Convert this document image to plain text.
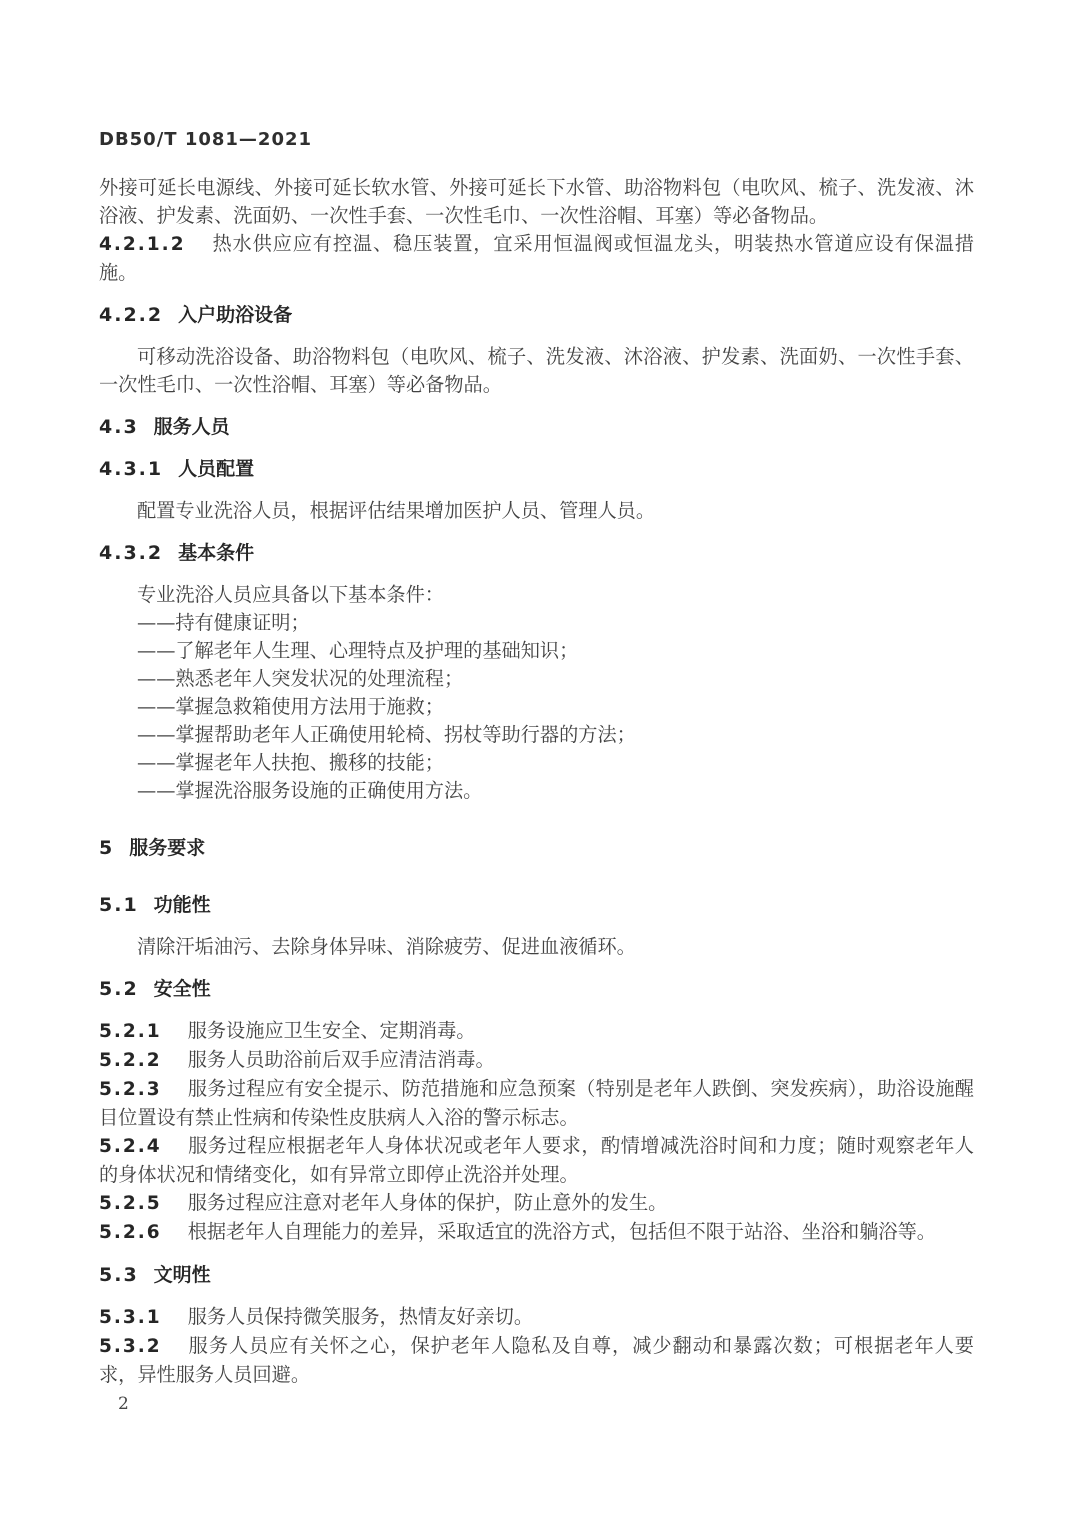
DB50/T 1081—2021

外接可延长电源线、外接可延长软水管、外接可延长下水管、助浴物料包（电吹风、梳子、洗发液、沐浴液、护发素、洗面奶、一次性手套、一次性毛巾、一次性浴帽、耳塞）等必备物品。

4.2.1.2 热水供应应有控温、稳压装置，宜采用恒温阀或恒温龙头，明装热水管道应设有保温措施。

4.2.2 入户助浴设备

可移动洗浴设备、助浴物料包（电吹风、梳子、洗发液、沐浴液、护发素、洗面奶、一次性手套、一次性毛巾、一次性浴帽、耳塞）等必备物品。

4.3 服务人员

4.3.1 人员配置

配置专业洗浴人员，根据评估结果增加医护人员、管理人员。

4.3.2 基本条件

专业洗浴人员应具备以下基本条件：

——持有健康证明；

——了解老年人生理、心理特点及护理的基础知识；

——熟悉老年人突发状况的处理流程；

——掌握急救箱使用方法用于施救；

——掌握帮助老年人正确使用轮椅、拐杖等助行器的方法；

——掌握老年人扶抱、搬移的技能；

——掌握洗浴服务设施的正确使用方法。

5 服务要求

5.1 功能性

清除汗垢油污、去除身体异味、消除疲劳、促进血液循环。

5.2 安全性

5.2.1 服务设施应卫生安全、定期消毒。

5.2.2 服务人员助浴前后双手应清洁消毒。

5.2.3 服务过程应有安全提示、防范措施和应急预案（特别是老年人跌倒、突发疾病），助浴设施醒目位置设有禁止性病和传染性皮肤病人入浴的警示标志。

5.2.4 服务过程应根据老年人身体状况或老年人要求，酌情增减洗浴时间和力度；随时观察老年人的身体状况和情绪变化，如有异常立即停止洗浴并处理。

5.2.5 服务过程应注意对老年人身体的保护，防止意外的发生。

5.2.6 根据老年人自理能力的差异，采取适宜的洗浴方式，包括但不限于站浴、坐浴和躺浴等。

5.3 文明性

5.3.1 服务人员保持微笑服务，热情友好亲切。

5.3.2 服务人员应有关怀之心，保护老年人隐私及自尊，减少翻动和暴露次数；可根据老年人要求，异性服务人员回避。

2
